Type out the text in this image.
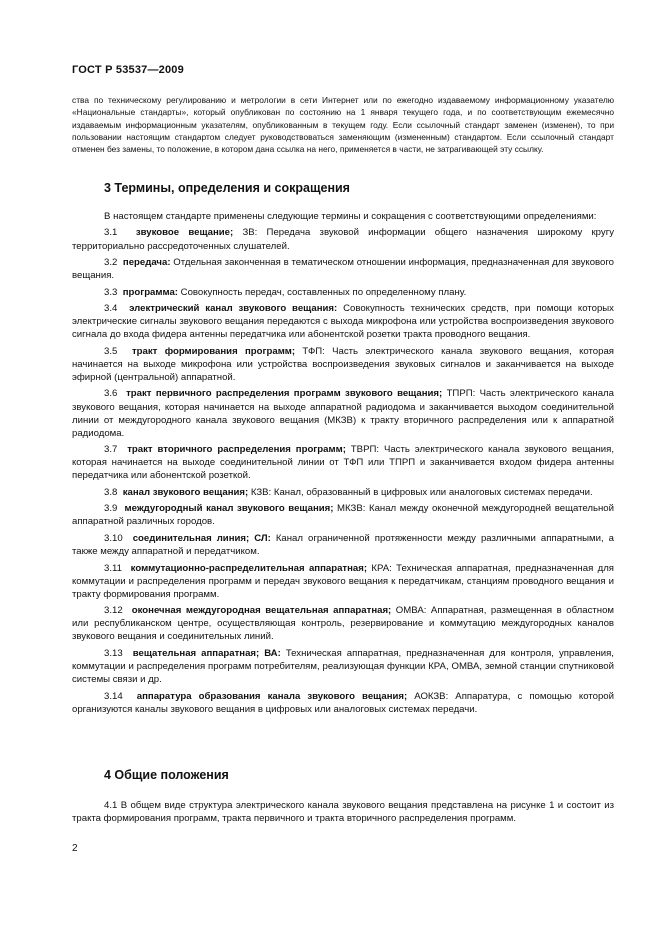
ГОСТ Р 53537—2009
ства по техническому регулированию и метрологии в сети Интернет или по ежегодно издаваемому информационному указателю «Национальные стандарты», который опубликован по состоянию на 1 января текущего года, и по соответствующим ежемесячно издаваемым информационным указателям, опубликованным в текущем году. Если ссылочный стандарт заменен (изменен), то при пользовании настоящим стандартом следует руководствоваться заменяющим (измененным) стандартом. Если ссылочный стандарт отменен без замены, то положение, в котором дана ссылка на него, применяется в части, не затрагивающей эту ссылку.
3 Термины, определения и сокращения

В настоящем стандарте применены следующие термины и сокращения с соответствующими определениями:

3.1 звуковое вещание; ЗВ: Передача звуковой информации общего назначения широкому кругу территориально рассредоточенных слушателей.

3.2 передача: Отдельная законченная в тематическом отношении информация, предназначенная для звукового вещания.

3.3 программа: Совокупность передач, составленных по определенному плану.

3.4 электрический канал звукового вещания: Совокупность технических средств, при помощи которых электрические сигналы звукового вещания передаются с выхода микрофона или устройства воспроизведения звукового сигнала до входа фидера антенны передатчика или абонентской розетки тракта проводного вещания.

3.5 тракт формирования программ; ТФП: Часть электрического канала звукового вещания, которая начинается на выходе микрофона или устройства воспроизведения звуковых сигналов и заканчивается на выходе эфирной (центральной) аппаратной.

3.6 тракт первичного распределения программ звукового вещания; ТПРП: Часть электрического канала звукового вещания, которая начинается на выходе аппаратной радиодома и заканчивается выходом соединительной линии от междугородного канала звукового вещания (МКЗВ) к тракту вторичного распределения или к аппаратной радиодома.

3.7 тракт вторичного распределения программ; ТВРП: Часть электрического канала звукового вещания, которая начинается на выходе соединительной линии от ТФП или ТПРП и заканчивается входом фидера антенны передатчика или абонентской розеткой.

3.8 канал звукового вещания; КЗВ: Канал, образованный в цифровых или аналоговых системах передачи.

3.9 междугородный канал звукового вещания; МКЗВ: Канал между оконечной междугородней вещательной аппаратной различных городов.

3.10 соединительная линия; СЛ: Канал ограниченной протяженности между различными аппаратными, а также между аппаратной и передатчиком.

3.11 коммутационно-распределительная аппаратная; КРА: Техническая аппаратная, предназначенная для коммутации и распределения программ и передач звукового вещания к передатчикам, станциям проводного вещания и тракту формирования программ.

3.12 оконечная междугородная вещательная аппаратная; ОМВА: Аппаратная, размещенная в областном или республиканском центре, осуществляющая контроль, резервирование и коммутацию междугородных каналов звукового вещания и соединительных линий.

3.13 вещательная аппаратная; ВА: Техническая аппаратная, предназначенная для контроля, управления, коммутации и распределения программ потребителям, реализующая функции КРА, ОМВА, земной станции спутниковой системы связи и др.

3.14 аппаратура образования канала звукового вещания; АОКЗВ: Аппаратура, с помощью которой организуются каналы звукового вещания в цифровых или аналоговых системах передачи.

4 Общие положения

4.1 В общем виде структура электрического канала звукового вещания представлена на рисунке 1 и состоит из тракта формирования программ, тракта первичного и тракта вторичного распределения программ.

2
